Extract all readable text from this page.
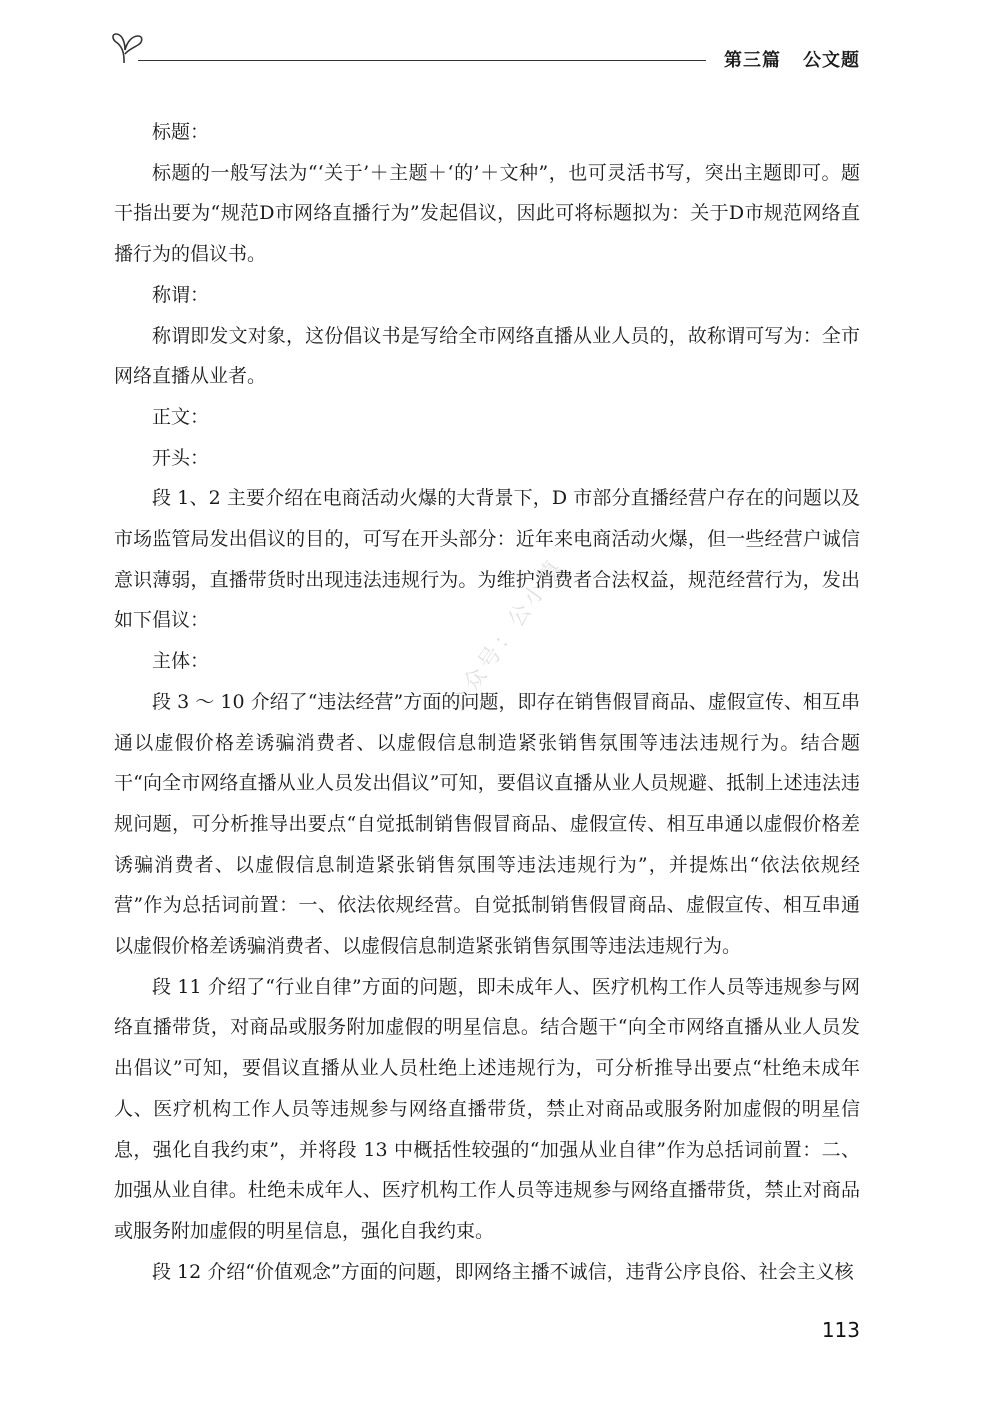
第三篇 公文题
公众号：公小镇

标题：

标题的一般写法为“‘关于’＋主题＋‘的’＋文种”，也可灵活书写，突出主题即可。题干指出要为“规范D市网络直播行为”发起倡议，因此可将标题拟为：关于D市规范网络直播行为的倡议书。

称谓：

称谓即发文对象，这份倡议书是写给全市网络直播从业人员的，故称谓可写为：全市网络直播从业者。

正文：

开头：

段 1、2 主要介绍在电商活动火爆的大背景下，D 市部分直播经营户存在的问题以及市场监管局发出倡议的目的，可写在开头部分：近年来电商活动火爆，但一些经营户诚信意识薄弱，直播带货时出现违法违规行为。为维护消费者合法权益，规范经营行为，发出如下倡议：

主体：

段 3 ～ 10 介绍了“违法经营”方面的问题，即存在销售假冒商品、虚假宣传、相互串通以虚假价格差诱骗消费者、以虚假信息制造紧张销售氛围等违法违规行为。结合题干“向全市网络直播从业人员发出倡议”可知，要倡议直播从业人员规避、抵制上述违法违规问题，可分析推导出要点“自觉抵制销售假冒商品、虚假宣传、相互串通以虚假价格差诱骗消费者、以虚假信息制造紧张销售氛围等违法违规行为”，并提炼出“依法依规经营”作为总括词前置：一、依法依规经营。自觉抵制销售假冒商品、虚假宣传、相互串通以虚假价格差诱骗消费者、以虚假信息制造紧张销售氛围等违法违规行为。

段 11 介绍了“行业自律”方面的问题，即未成年人、医疗机构工作人员等违规参与网络直播带货，对商品或服务附加虚假的明星信息。结合题干“向全市网络直播从业人员发出倡议”可知，要倡议直播从业人员杜绝上述违规行为，可分析推导出要点“杜绝未成年人、医疗机构工作人员等违规参与网络直播带货，禁止对商品或服务附加虚假的明星信息，强化自我约束”，并将段 13 中概括性较强的“加强从业自律”作为总括词前置：二、加强从业自律。杜绝未成年人、医疗机构工作人员等违规参与网络直播带货，禁止对商品或服务附加虚假的明星信息，强化自我约束。

段 12 介绍“价值观念”方面的问题，即网络主播不诚信，违背公序良俗、社会主义核

113
